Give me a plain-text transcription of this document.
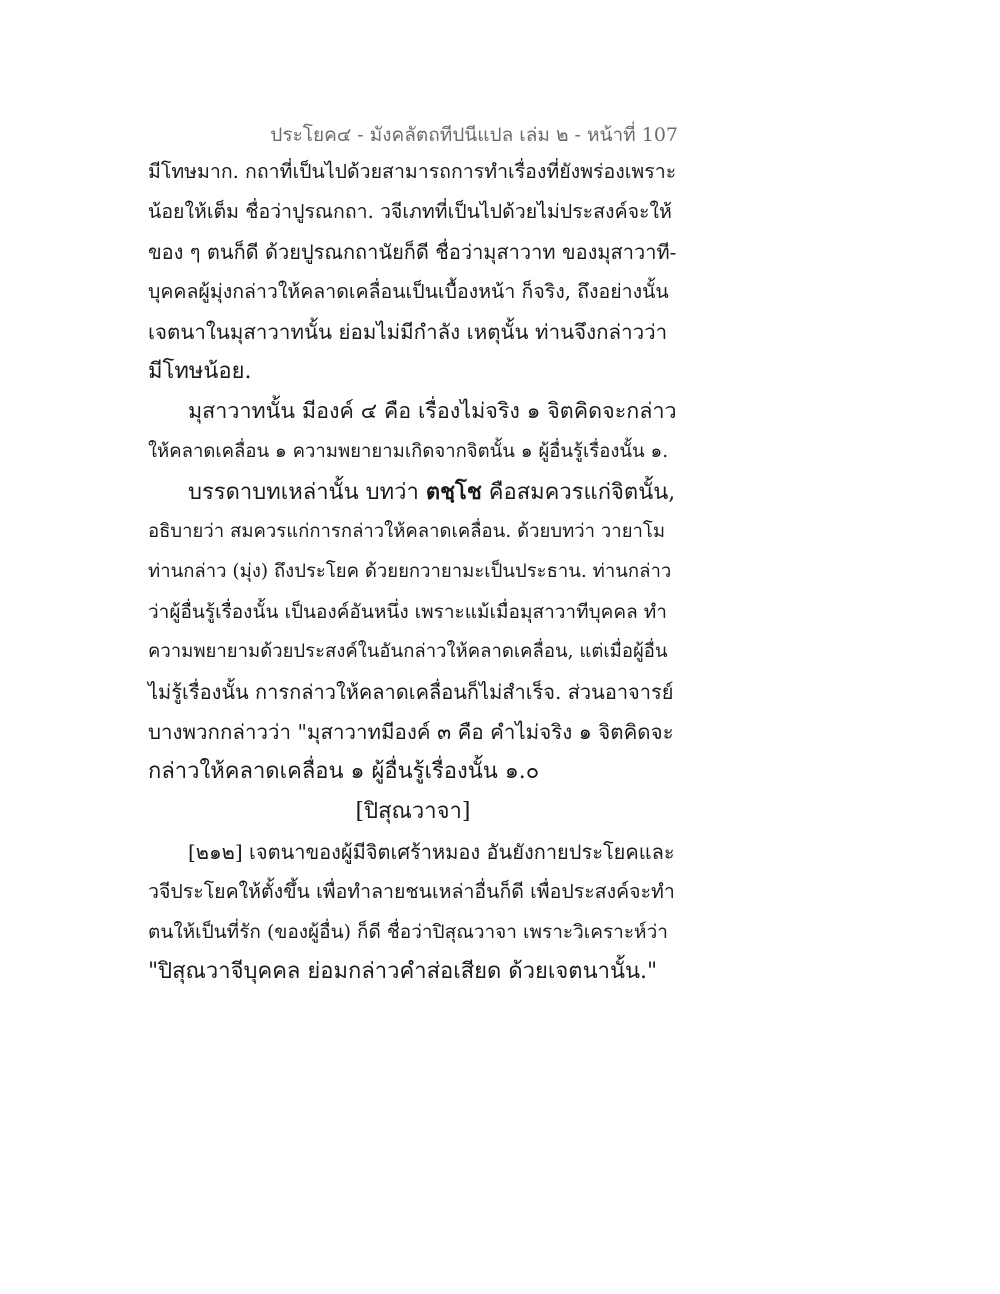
ประโยค๔ - มังคลัตถทีปนีแปล เล่ม ๒ - หน้าที่ 107
มีโทษมาก. กถาที่เป็นไปด้วยสามารถการทำเรื่องที่ยังพร่องเพราะ
น้อยให้เต็ม ชื่อว่าปูรณกถา. วจีเภทที่เป็นไปด้วยไม่ประสงค์จะให้
ของ ๆ ตนก็ดี ด้วยปูรณกถานัยก็ดี ชื่อว่ามุสาวาท ของมุสาวาที-
บุคคลผู้มุ่งกล่าวให้คลาดเคลื่อนเป็นเบื้องหน้า ก็จริง, ถึงอย่างนั้น
เจตนาในมุสาวาทนั้น ย่อมไม่มีกำลัง เหตุนั้น ท่านจึงกล่าวว่า
มีโทษน้อย.
มุสาวาทนั้น มีองค์ ๔ คือ เรื่องไม่จริง ๑ จิตคิดจะกล่าว
ให้คลาดเคลื่อน ๑ ความพยายามเกิดจากจิตนั้น ๑ ผู้อื่นรู้เรื่องนั้น ๑.
บรรดาบทเหล่านั้น บทว่า ตชฺโช คือสมควรแก่จิตนั้น,
อธิบายว่า สมควรแก่การกล่าวให้คลาดเคลื่อน. ด้วยบทว่า วายาโม
ท่านกล่าว (มุ่ง) ถึงประโยค ด้วยยกวายามะเป็นประธาน. ท่านกล่าว
ว่าผู้อื่นรู้เรื่องนั้น เป็นองค์อันหนึ่ง เพราะแม้เมื่อมุสาวาทีบุคคล ทำ
ความพยายามด้วยประสงค์ในอันกล่าวให้คลาดเคลื่อน, แต่เมื่อผู้อื่น
ไม่รู้เรื่องนั้น การกล่าวให้คลาดเคลื่อนก็ไม่สำเร็จ. ส่วนอาจารย์
บางพวกกล่าวว่า "มุสาวาทมีองค์ ๓ คือ คำไม่จริง ๑ จิตคิดจะ
กล่าวให้คลาดเคลื่อน ๑ ผู้อื่นรู้เรื่องนั้น ๑.๐
[ปิสุณวาจา]
[๒๑๒] เจตนาของผู้มีจิตเศร้าหมอง อันยังกายประโยคและ
วจีประโยคให้ตั้งขึ้น เพื่อทำลายชนเหล่าอื่นก็ดี เพื่อประสงค์จะทำ
ตนให้เป็นที่รัก (ของผู้อื่น) ก็ดี ชื่อว่าปิสุณวาจา เพราะวิเคราะห์ว่า
"ปิสุณวาจีบุคคล ย่อมกล่าวคำส่อเสียด ด้วยเจตนานั้น."
